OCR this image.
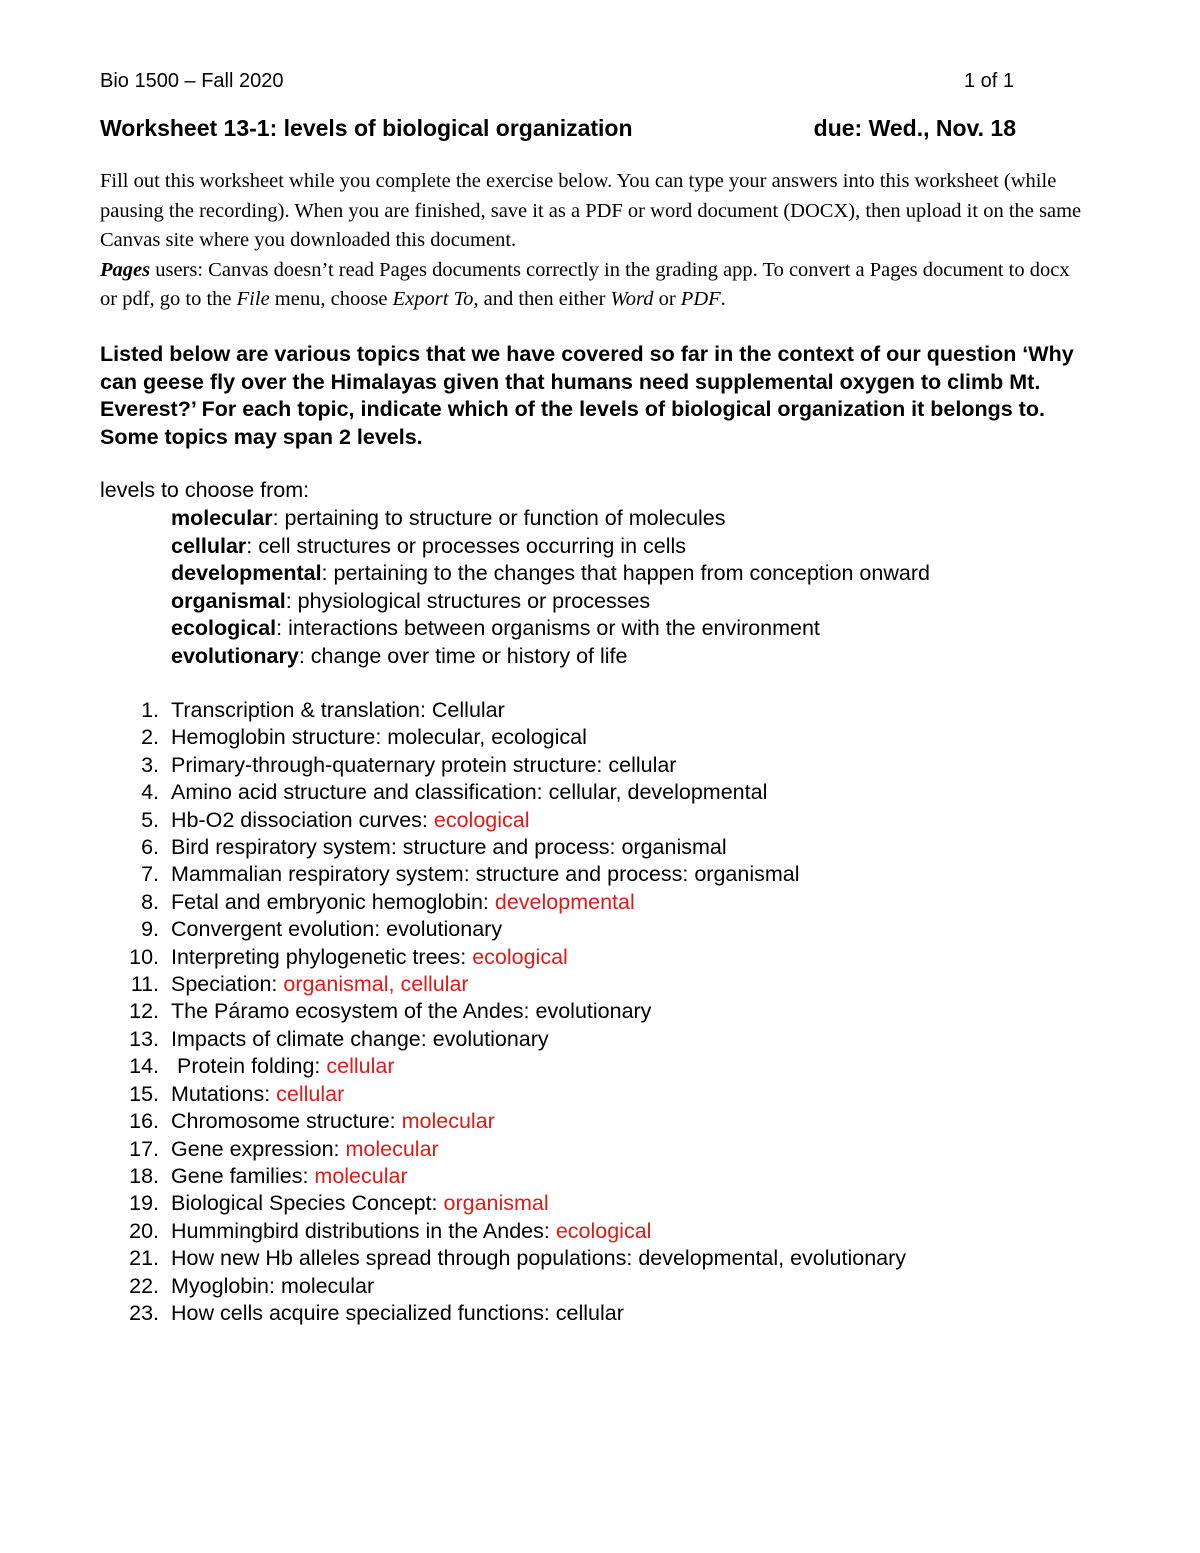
Bio 1500 – Fall 2020	1 of 1
Worksheet 13-1: levels of biological organization	due: Wed., Nov. 18

Fill out this worksheet while you complete the exercise below. You can type your answers into this worksheet (while pausing the recording). When you are finished, save it as a PDF or word document (DOCX), then upload it on the same Canvas site where you downloaded this document.

Pages users: Canvas doesn’t read Pages documents correctly in the grading app. To convert a Pages document to docx or pdf, go to the File menu, choose Export To, and then either Word or PDF.

Listed below are various topics that we have covered so far in the context of our question ‘Why can geese fly over the Himalayas given that humans need supplemental oxygen to climb Mt. Everest?’ For each topic, indicate which of the levels of biological organization it belongs to. Some topics may span 2 levels.
levels to choose from:
molecular: pertaining to structure or function of molecules
cellular: cell structures or processes occurring in cells
developmental: pertaining to the changes that happen from conception onward
organismal: physiological structures or processes
ecological: interactions between organisms or with the environment
evolutionary: change over time or history of life
1. Transcription & translation: Cellular
2. Hemoglobin structure: molecular, ecological
3. Primary-through-quaternary protein structure: cellular
4. Amino acid structure and classification: cellular, developmental
5. Hb-O2 dissociation curves: ecological
6. Bird respiratory system: structure and process: organismal
7. Mammalian respiratory system: structure and process: organismal
8. Fetal and embryonic hemoglobin: developmental
9. Convergent evolution: evolutionary
10. Interpreting phylogenetic trees: ecological
11. Speciation: organismal, cellular
12. The Páramo ecosystem of the Andes: evolutionary
13. Impacts of climate change: evolutionary
14. Protein folding: cellular
15. Mutations: cellular
16. Chromosome structure: molecular
17. Gene expression: molecular
18. Gene families: molecular
19. Biological Species Concept: organismal
20. Hummingbird distributions in the Andes: ecological
21. How new Hb alleles spread through populations: developmental, evolutionary
22. Myoglobin: molecular
23. How cells acquire specialized functions: cellular
